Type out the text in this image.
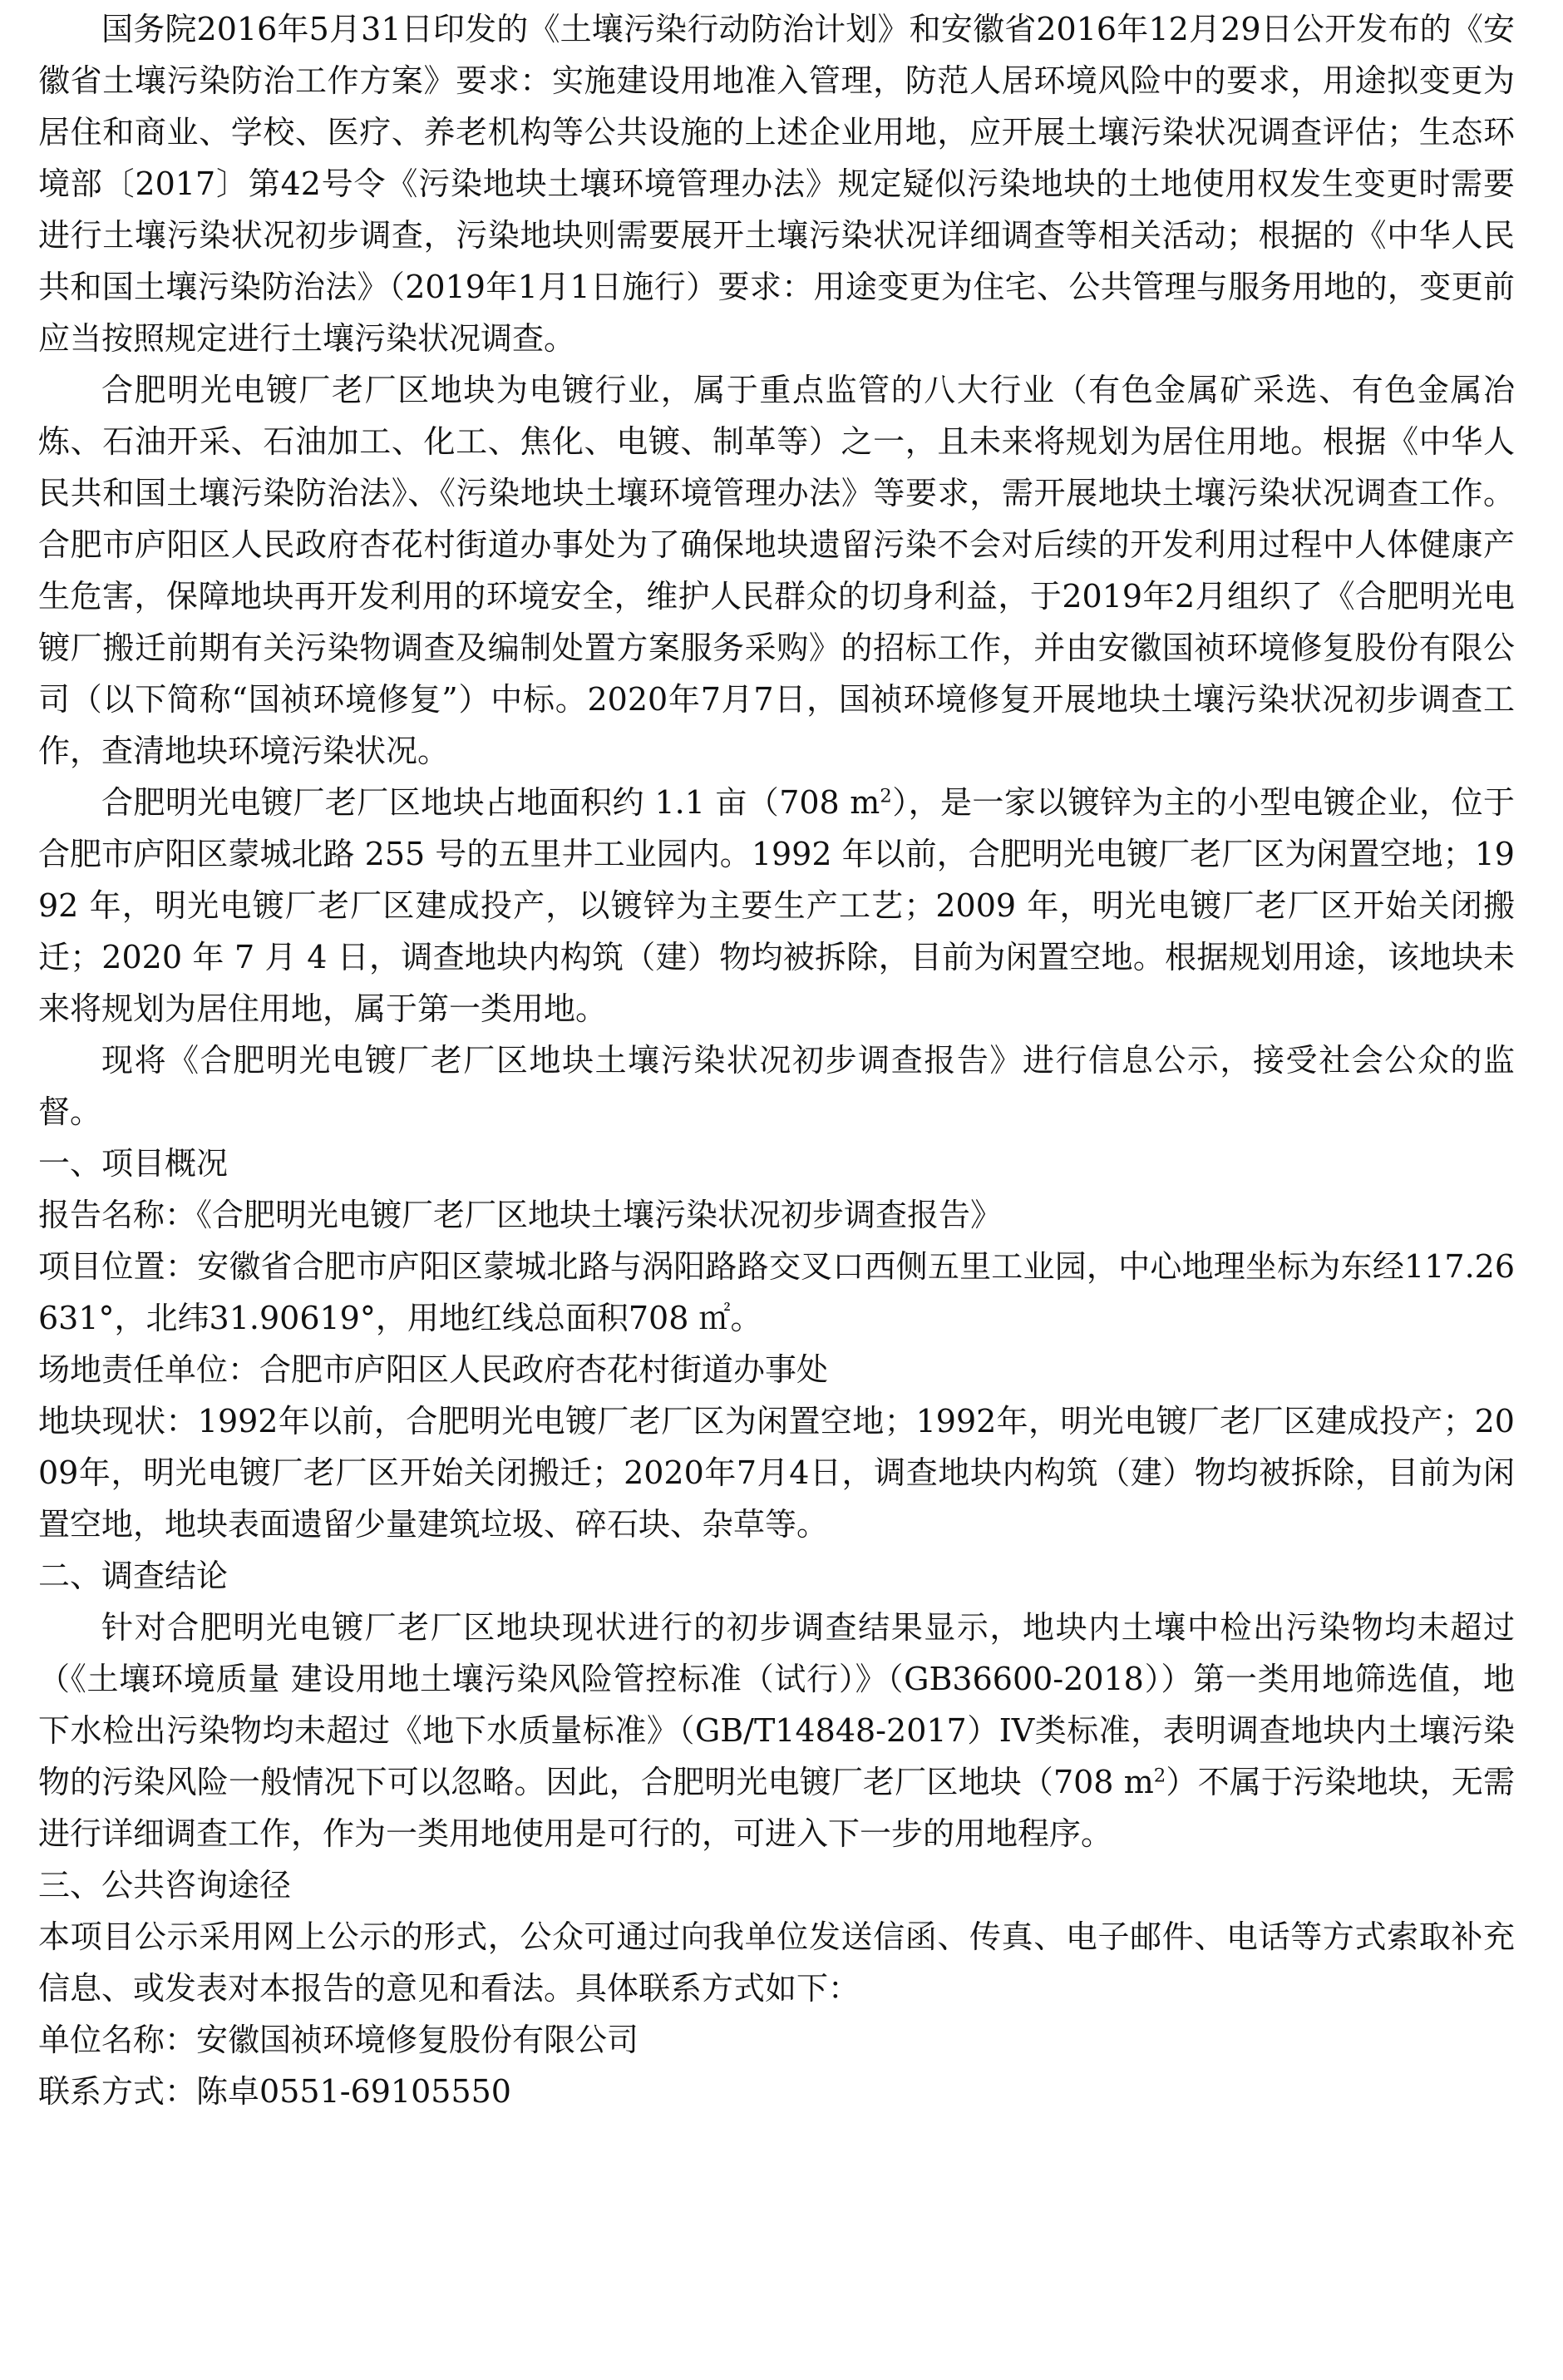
国务院2016年5月31日印发的《土壤污染行动防治计划》和安徽省2016年12月29日公开发布的《安徽省土壤污染防治工作方案》要求：实施建设用地准入管理，防范人居环境风险中的要求，用途拟变更为居住和商业、学校、医疗、养老机构等公共设施的上述企业用地，应开展土壤污染状况调查评估；生态环境部〔2017〕第42号令《污染地块土壤环境管理办法》规定疑似污染地块的土地使用权发生变更时需要进行土壤污染状况初步调查，污染地块则需要展开土壤污染状况详细调查等相关活动；根据的《中华人民共和国土壤污染防治法》（2019年1月1日施行）要求：用途变更为住宅、公共管理与服务用地的，变更前应当按照规定进行土壤污染状况调查。

合肥明光电镀厂老厂区地块为电镀行业，属于重点监管的八大行业（有色金属矿采选、有色金属冶炼、石油开采、石油加工、化工、焦化、电镀、制革等）之一，且未来将规划为居住用地。根据《中华人民共和国土壤污染防治法》、《污染地块土壤环境管理办法》等要求，需开展地块土壤污染状况调查工作。合肥市庐阳区人民政府杏花村街道办事处为了确保地块遗留污染不会对后续的开发利用过程中人体健康产生危害，保障地块再开发利用的环境安全，维护人民群众的切身利益，于2019年2月组织了《合肥明光电镀厂搬迁前期有关污染物调查及编制处置方案服务采购》的招标工作，并由安徽国祯环境修复股份有限公司（以下简称“国祯环境修复”）中标。2020年7月7日，国祯环境修复开展地块土壤污染状况初步调查工作，查清地块环境污染状况。

合肥明光电镀厂老厂区地块占地面积约 1.1 亩（708 $m^2$），是一家以镀锌为主的小型电镀企业，位于合肥市庐阳区蒙城北路 255 号的五里井工业园内。1992 年以前，合肥明光电镀厂老厂区为闲置空地；1992 年，明光电镀厂老厂区建成投产，以镀锌为主要生产工艺；2009 年，明光电镀厂老厂区开始关闭搬迁；2020 年 7 月 4 日，调查地块内构筑（建）物均被拆除，目前为闲置空地。根据规划用途，该地块未来将规划为居住用地，属于第一类用地。

现将《合肥明光电镀厂老厂区地块土壤污染状况初步调查报告》进行信息公示，接受社会公众的监督。

一、项目概况

报告名称：《合肥明光电镀厂老厂区地块土壤污染状况初步调查报告》

项目位置：安徽省合肥市庐阳区蒙城北路与涡阳路路交叉口西侧五里工业园，中心地理坐标为东经117.26631°，北纬31.90619°，用地红线总面积708 ㎡。

场地责任单位：合肥市庐阳区人民政府杏花村街道办事处

地块现状：1992年以前，合肥明光电镀厂老厂区为闲置空地；1992年，明光电镀厂老厂区建成投产；2009年，明光电镀厂老厂区开始关闭搬迁；2020年7月4日，调查地块内构筑（建）物均被拆除，目前为闲置空地，地块表面遗留少量建筑垃圾、碎石块、杂草等。

二、调查结论

针对合肥明光电镀厂老厂区地块现状进行的初步调查结果显示，地块内土壤中检出污染物均未超过（《土壤环境质量 建设用地土壤污染风险管控标准（试行）》（GB36600-2018））第一类用地筛选值，地下水检出污染物均未超过《地下水质量标准》（GB/T14848-2017）IV类标准，表明调查地块内土壤污染物的污染风险一般情况下可以忽略。因此，合肥明光电镀厂老厂区地块（708 $m^2$）不属于污染地块，无需进行详细调查工作，作为一类用地使用是可行的，可进入下一步的用地程序。

三、公共咨询途径

本项目公示采用网上公示的形式，公众可通过向我单位发送信函、传真、电子邮件、电话等方式索取补充信息、或发表对本报告的意见和看法。具体联系方式如下：

单位名称：安徽国祯环境修复股份有限公司

联系方式：陈卓0551-69105550
